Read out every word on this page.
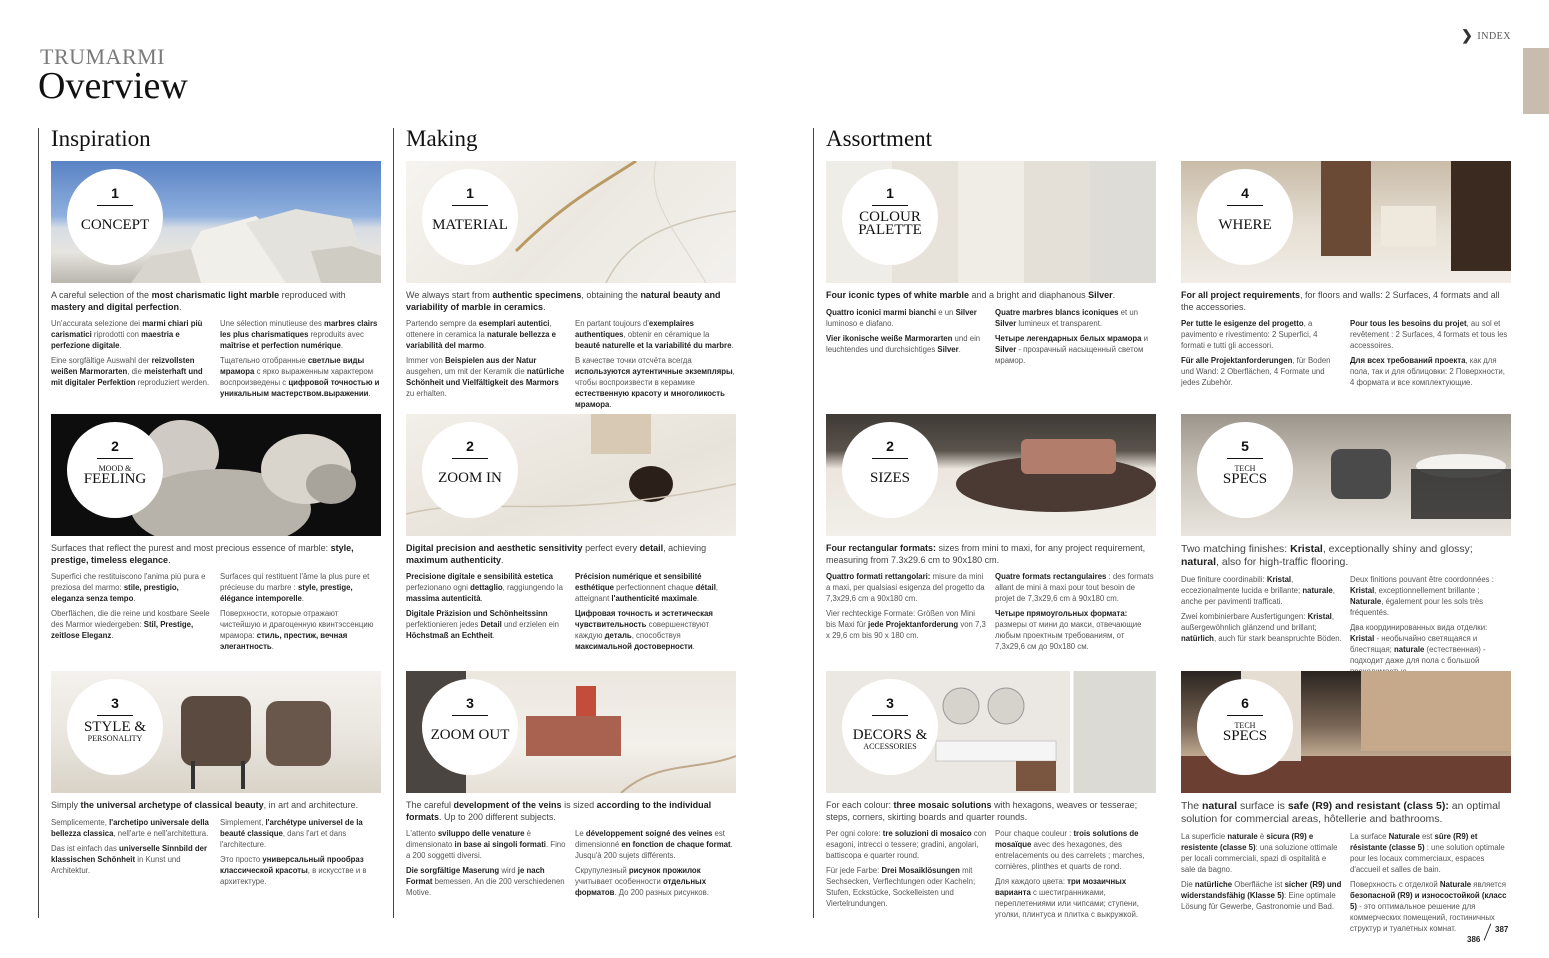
TRUMARMI
Overview
❯ INDEX
Inspiration	Making	Assortment
1
CONCEPT
A careful selection of the most charismatic light marble reproduced with mastery and digital perfection.

Un'accurata selezione dei marmi chiari più carismatici riprodotti con maestria e perfezione digitale.

Eine sorgfältige Auswahl der reizvollsten weißen Marmorarten, die meisterhaft und mit digitaler Perfektion reproduziert werden.

Une sélection minutieuse des marbres clairs les plus charismatiques reproduits avec maîtrise et perfection numérique.

Тщательно отобранные светлые виды мрамора с ярко выраженным характером воспроизведены с цифровой точностью и уникальным мастерством.выражении.

2
MOOD &
FEELING
Surfaces that reflect the purest and most precious essence of marble: style, prestige, timeless elegance.

Superfici che restituiscono l'anima più pura e preziosa del marmo: stile, prestigio, eleganza senza tempo.

Oberflächen, die die reine und kostbare Seele des Marmor wiedergeben: Stil, Prestige, zeitlose Eleganz.

Surfaces qui restituent l'âme la plus pure et précieuse du marbre : style, prestige, élégance intemporelle.

Поверхности, которые отражают чистейшую и драгоценную квинтэссенцию мрамора: стиль, престиж, вечная элегантность.

3
STYLE &
PERSONALITY
Simply the universal archetype of classical beauty, in art and architecture.

Semplicemente, l'archetipo universale della bellezza classica, nell'arte e nell'architettura.

Das ist einfach das universelle Sinnbild der klassischen Schönheit in Kunst und Architektur.

Simplement, l'archétype universel de la beauté classique, dans l'art et dans l'architecture.

Это просто универсальный прообраз классической красоты, в искусстве и в архитектуре.

1
MATERIAL
We always start from authentic specimens, obtaining the natural beauty and variability of marble in ceramics.

Partendo sempre da esemplari autentici, ottenere in ceramica la naturale bellezza e variabilità del marmo.

Immer von Beispielen aus der Natur ausgehen, um mit der Keramik die natürliche Schönheit und Vielfältigkeit des Marmors zu erhalten.

En partant toujours d'exemplaires authentiques, obtenir en céramique la beauté naturelle et la variabilité du marbre.

В качестве точки отсчёта всегда используются аутентичные экземпляры, чтобы воспроизвести в керамике естественную красоту и многоликость мрамора.

2
ZOOM IN
Digital precision and aesthetic sensitivity perfect every detail, achieving maximum authenticity.

Precisione digitale e sensibilità estetica perfezionano ogni dettaglio, raggiungendo la massima autenticità.

Digitale Präzision und Schönheitssinn perfektionieren jedes Detail und erzielen ein Höchstmaß an Echtheit.

Précision numérique et sensibilité esthétique perfectionnent chaque détail, atteignant l'authenticité maximale.

Цифровая точность и эстетическая чувствительность совершенствуют каждую деталь, способствуя максимальной достоверности.

3
ZOOM OUT
The careful development of the veins is sized according to the individual formats. Up to 200 different subjects.

L'attento sviluppo delle venature è dimensionato in base ai singoli formati. Fino a 200 soggetti diversi.

Die sorgfältige Maserung wird je nach Format bemessen. An die 200 verschiedenen Motive.

Le développement soigné des veines est dimensionné en fonction de chaque format. Jusqu'à 200 sujets différents.

Скрупулезный рисунок прожилок учитывает особенности отдельных форматов. До 200 разных рисунков.

1
COLOUR PALETTE
Four iconic types of white marble and a bright and diaphanous Silver.

Quattro iconici marmi bianchi e un Silver luminoso e diafano.

Vier ikonische weiße Marmorarten und ein leuchtendes und durchsichtiges Silver.

Quatre marbres blancs iconiques et un Silver lumineux et transparent.

Четыре легендарных белых мрамора и Silver - прозрачный насыщенный светом мрамор.

2
SIZES
Four rectangular formats: sizes from mini to maxi, for any project requirement, measuring from 7.3x29.6 cm to 90x180 cm.

Quattro formati rettangolari: misure da mini a maxi, per qualsiasi esigenza del progetto da 7,3x29,6 cm a 90x180 cm.

Vier rechteckige Formate: Größen von Mini bis Maxi für jede Projektanforderung von 7,3 x 29,6 cm bis 90 x 180 cm.

Quatre formats rectangulaires : des formats allant de mini à maxi pour tout besoin de projet de 7,3x29,6 cm à 90x180 cm.

Четыре прямоугольных формата: размеры от мини до макси, отвечающие любым проектным требованиям, от 7,3x29,6 см до 90x180 см.

3
DECORS &
ACCESSORIES
For each colour: three mosaic solutions with hexagons, weaves or tesserae; steps, corners, skirting boards and quarter rounds.

Per ogni colore: tre soluzioni di mosaico con esagoni, intrecci o tessere; gradini, angolari, battiscopa e quarter round.

Für jede Farbe: Drei Mosaiklösungen mit Sechsecken, Verflechtungen oder Kacheln; Stufen, Eckstücke, Sockelleisten und Viertelrundungen.

Pour chaque couleur : trois solutions de mosaïque avec des hexagones, des entrelacements ou des carrelets ; marches, cornières, plinthes et quarts de rond.

Для каждого цвета: три мозаичных варианта с шестигранниками, переплетениями или чипсами; ступени, уголки, плинтуса и плитка с выкружкой.

4
WHERE
For all project requirements, for floors and walls: 2 Surfaces, 4 formats and all the accessories.

Per tutte le esigenze del progetto, a pavimento e rivestimento: 2 Superfici, 4 formati e tutti gli accessori.

Für alle Projektanforderungen, für Boden und Wand: 2 Oberflächen, 4 Formate und jedes Zubehör.

Pour tous les besoins du projet, au sol et revêtement : 2 Surfaces, 4 formats et tous les accessoires.

Для всех требований проекта, как для пола, так и для облицовки: 2 Поверхности, 4 формата и все комплектующие.

5
TECH
SPECS
Two matching finishes: Kristal, exceptionally shiny and glossy; natural, also for high-traffic flooring.

Due finiture coordinabili: Kristal, eccezionalmente lucida e brillante; naturale, anche per pavimenti trafficati.

Zwei kombinierbare Ausfertigungen: Kristal, außergewöhnlich glänzend und brillant; natürlich, auch für stark beanspruchte Böden.

Deux finitions pouvant être coordonnées : Kristal, exceptionnellement brillante ; Naturale, également pour les sols très fréquentés.

Два координированных вида отделки: Kristal - необычайно светящаяся и блестящая; naturale (естественная) - подходит даже для пола с большой

6
TECH
SPECS
The natural surface is safe (R9) and resistant (class 5): an optimal solution for commercial areas, hôtellerie and bathrooms.

La superficie naturale è sicura (R9) e resistente (classe 5): una soluzione ottimale per locali commerciali, spazi di ospitalità e sale da bagno.

Die natürliche Oberfläche ist sicher (R9) und widerstandsfähig (Klasse 5): Eine optimale Lösung für Gewerbe, Gastronomie und Bad.

La surface Naturale est sûre (R9) et résistante (classe 5) : une solution optimale pour les locaux commerciaux, espaces d'accueil et salles de bain.

Поверхность с отделкой Naturale является безопасной (R9) и износостойкой (класс 5) - это оптимальное решение для коммерческих помещений, гостиничных структур и туалетных комнат.

386
387
